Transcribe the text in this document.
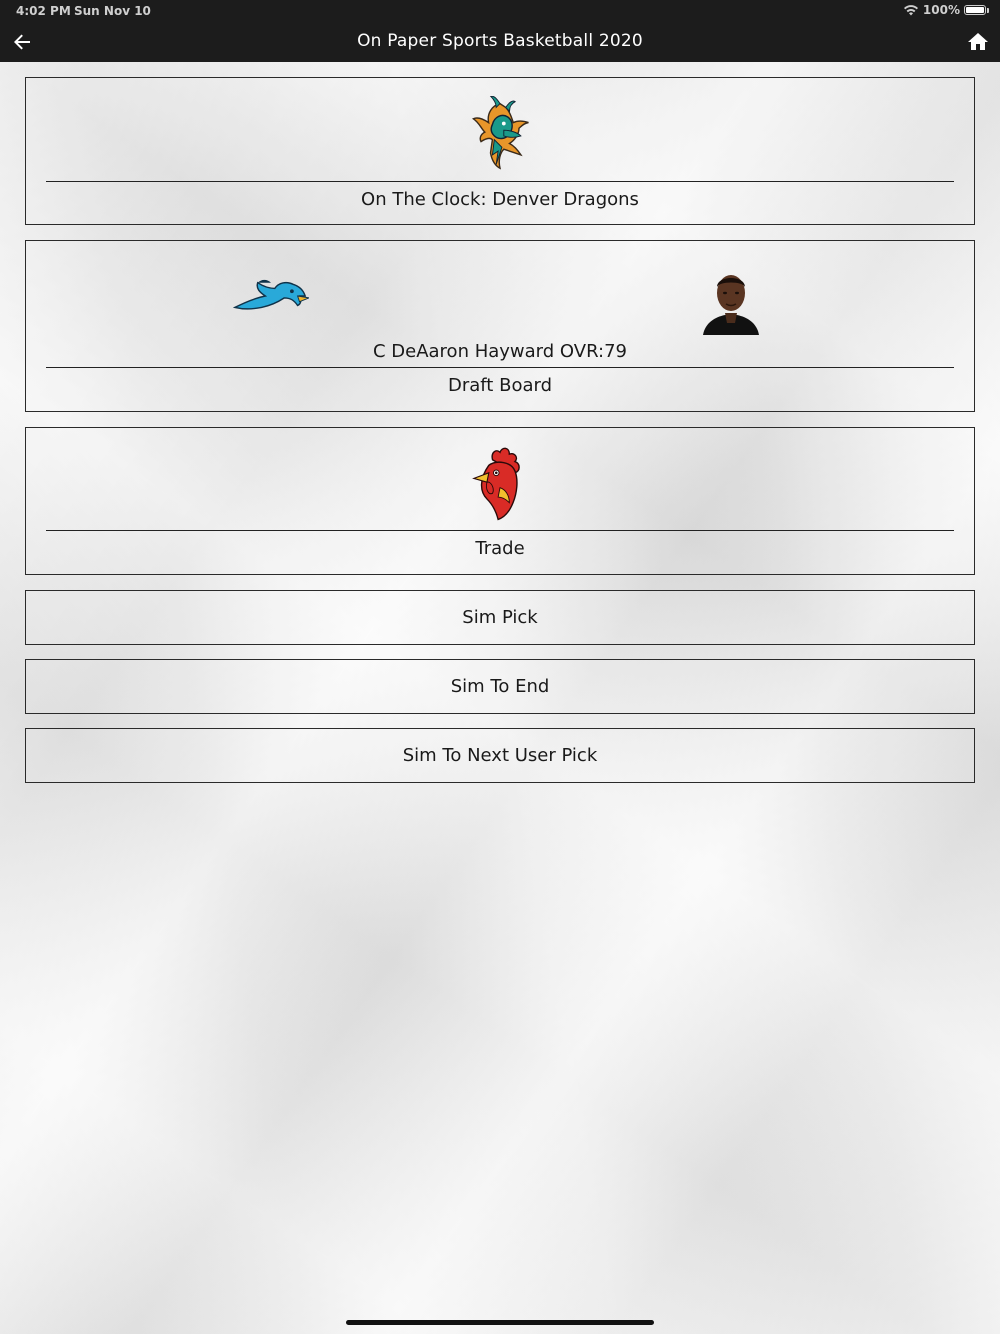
4:02 PM Sun Nov 10	100%
On Paper Sports Basketball 2020
On The Clock: Denver Dragons
C DeAaron Hayward OVR:79
Draft Board
Trade
Sim Pick
Sim To End
Sim To Next User Pick
